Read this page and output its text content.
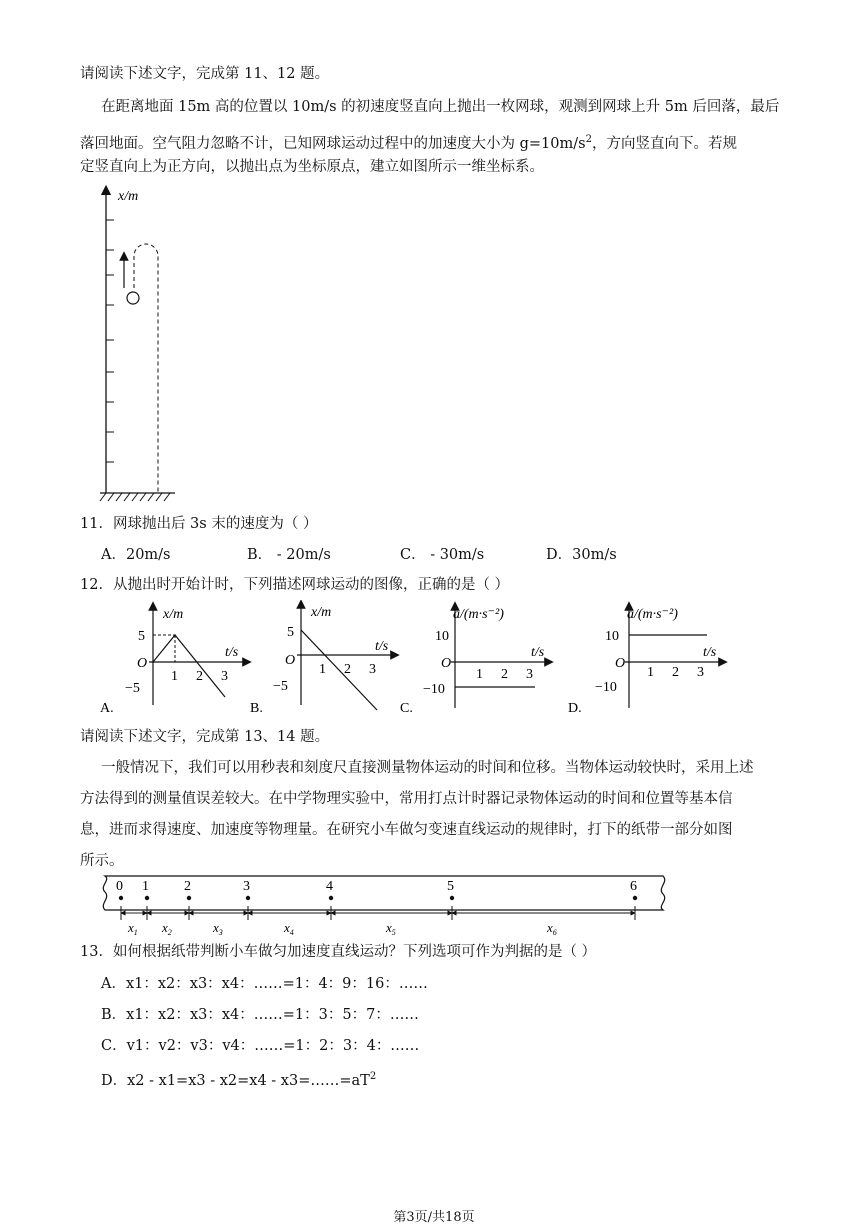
请阅读下述文字，完成第 11、12 题。
在距离地面 15m 高的位置以 10m/s 的初速度竖直向上抛出一枚网球，观测到网球上升 5m 后回落，最后
落回地面。空气阻力忽略不计，已知网球运动过程中的加速度大小为 $g=10m/s^2$，方向竖直向下。若规
定竖直向上为正方向，以抛出点为坐标原点，建立如图所示一维坐标系。
x/m
11．网球抛出后 3s 末的速度为（ ）
A．20m/s	B． - 20m/s	C． - 30m/s	D．30m/s
12．从抛出时开始计时，下列描述网球运动的图像，正确的是（ ）
x/m
t/s
O
5
−5
1 2 3
A.
x/m
t/s
O
5
−5
1 2 3
B.
a/(m·s⁻²)
t/s
O
10
−10
1 2 3
C.
a/(m·s⁻²)
t/s
O
10
−10
1 2 3
D.
请阅读下述文字，完成第 13、14 题。
一般情况下，我们可以用秒表和刻度尺直接测量物体运动的时间和位移。当物体运动较快时，采用上述
方法得到的测量值误差较大。在中学物理实验中，常用打点计时器记录物体运动的时间和位置等基本信
息，进而求得速度、加速度等物理量。在研究小车做匀变速直线运动的规律时，打下的纸带一部分如图
所示。
0 1	2	3	4	5	6
$x_1$ $x_2$	$x_3$	$x_4$	$x_5$	$x_6$
13．如何根据纸带判断小车做匀加速度直线运动？下列选项可作为判据的是（ ）
A．x1：x2：x3：x4：……=1：4：9：16：……
B．x1：x2：x3：x4：……=1：3：5：7：……
C．v1：v2：v3：v4：……=1：2：3：4：……
D．$x2 - x1=x3 - x2=x4 - x3=\dots\dots=aT^2$
第3页/共18页
